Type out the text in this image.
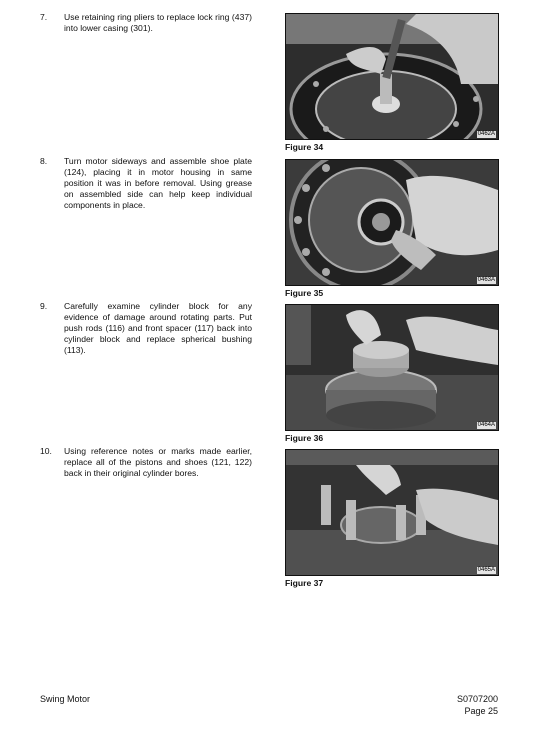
7. Use retaining ring pliers to replace lock ring (437) into lower casing (301).
0462A
Figure 34
8. Turn motor sideways and assemble shoe plate (124), placing it in motor housing in same position it was in before removal. Using grease on assembled side can help keep individual components in place.
0463A
Figure 35
9. Carefully examine cylinder block for any evidence of damage around rotating parts. Put push rods (116) and front spacer (117) back into cylinder block and replace spherical bushing (113).
0464A
Figure 36
10. Using reference notes or marks made earlier, replace all of the pistons and shoes (121, 122) back in their original cylinder bores.
0465A
Figure 37
Swing Motor	S0707200
Page 25
